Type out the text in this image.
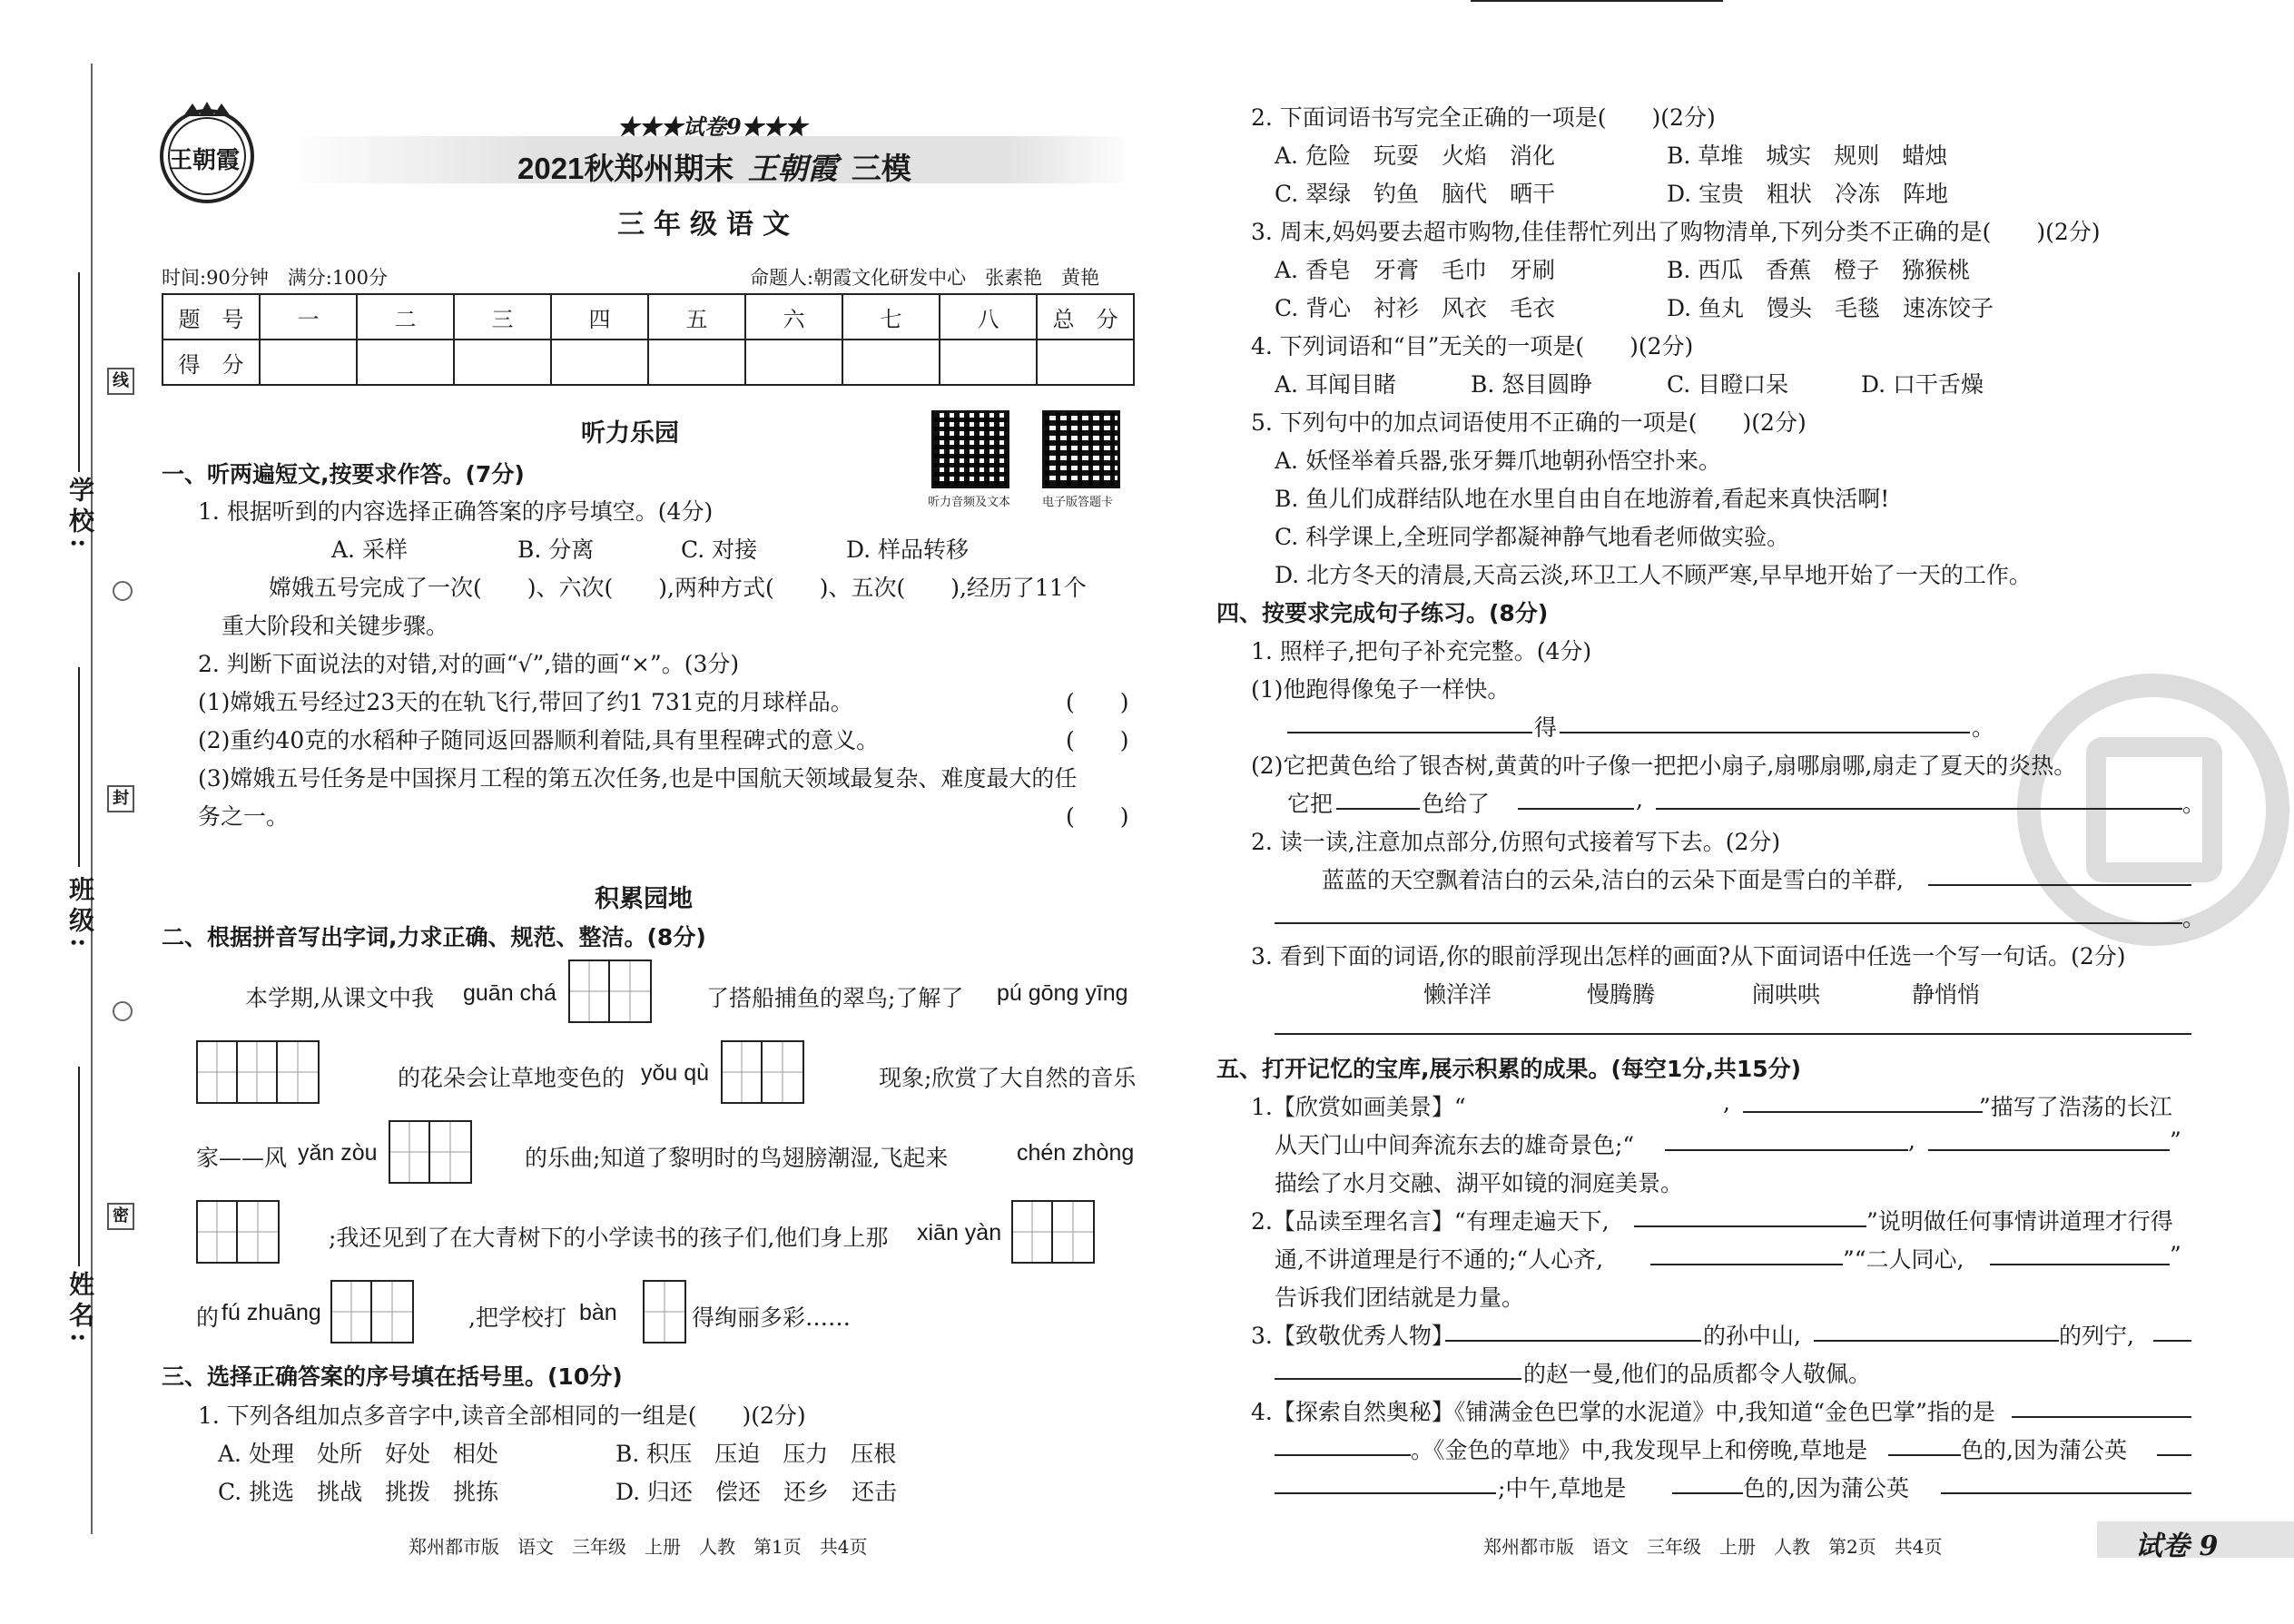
学校:
班级:
姓名:
线
封
密
王朝霞
★★★试卷9★★★
2021秋郑州期末 王朝霞 三模
三年级语文
时间:90分钟　满分:100分	命题人:朝霞文化研发中心　张素艳　黄艳
题　号	一	二	三	四	五	六	七	八	总　分
得　分									
听力乐园
听力音频及文本	电子版答题卡
一、听两遍短文,按要求作答。(7分)
1. 根据听到的内容选择正确答案的序号填空。(4分)
A. 采样	B. 分离	C. 对接	D. 样品转移
嫦娥五号完成了一次(　　)、六次(　　),两种方式(　　)、五次(　　),经历了11个
重大阶段和关键步骤。
2. 判断下面说法的对错,对的画“√”,错的画“×”。(3分)
(1)嫦娥五号经过23天的在轨飞行,带回了约1 731克的月球样品。	(　　)
(2)重约40克的水稻种子随同返回器顺利着陆,具有里程碑式的意义。	(　　)
(3)嫦娥五号任务是中国探月工程的第五次任务,也是中国航天领域最复杂、难度最大的任
务之一。	(　　)
积累园地
二、根据拼音写出字词,力求正确、规范、整洁。(8分)
本学期,从课文中我 guān chá	了搭船捕鱼的翠鸟;了解了 pú gōng yīng
的花朵会让草地变色的 yǒu qù	现象;欣赏了大自然的音乐
家——风 yǎn zòu	的乐曲;知道了黎明时的鸟翅膀潮湿,飞起来	chén zhòng
;我还见到了在大青树下的小学读书的孩子们,他们身上那 xiān yàn
的 fú zhuāng	,把学校打 bàn	得绚丽多彩……
三、选择正确答案的序号填在括号里。(10分)
1. 下列各组加点多音字中,读音全部相同的一组是(　　)(2分)
A. 处理　处所　好处　相处	B. 积压　压迫　压力　压根
C. 挑选　挑战　挑拨　挑拣	D. 归还　偿还　还乡　还击
郑州都市版　语文　三年级　上册　人教　第1页　共4页
2. 下面词语书写完全正确的一项是(　　)(2分)
A. 危险　玩耍　火焰　消化	B. 草堆　城实　规则　蜡烛
C. 翠绿　钓鱼　脑代　晒干	D. 宝贵　粗状　冷冻　阵地
3. 周末,妈妈要去超市购物,佳佳帮忙列出了购物清单,下列分类不正确的是(　　)(2分)
A. 香皂　牙膏　毛巾　牙刷	B. 西瓜　香蕉　橙子　猕猴桃
C. 背心　衬衫　风衣　毛衣	D. 鱼丸　馒头　毛毯　速冻饺子
4. 下列词语和“目”无关的一项是(　　)(2分)
A. 耳闻目睹	B. 怒目圆睁	C. 目瞪口呆	D. 口干舌燥
5. 下列句中的加点词语使用不正确的一项是(　　)(2分)
A. 妖怪举着兵器,张牙舞爪地朝孙悟空扑来。
B. 鱼儿们成群结队地在水里自由自在地游着,看起来真快活啊!
C. 科学课上,全班同学都凝神静气地看老师做实验。
D. 北方冬天的清晨,天高云淡,环卫工人不顾严寒,早早地开始了一天的工作。
四、按要求完成句子练习。(8分)
1. 照样子,把句子补充完整。(4分)
(1)他跑得像兔子一样快。
得	。
(2)它把黄色给了银杏树,黄黄的叶子像一把把小扇子,扇哪扇哪,扇走了夏天的炎热。
它把	色给了	,	。
2. 读一读,注意加点部分,仿照句式接着写下去。(2分)
蓝蓝的天空飘着洁白的云朵,洁白的云朵下面是雪白的羊群,
。
3. 看到下面的词语,你的眼前浮现出怎样的画面?从下面词语中任选一个写一句话。(2分)
懒洋洋	慢腾腾	闹哄哄	静悄悄
五、打开记忆的宝库,展示积累的成果。(每空1分,共15分)
1.【欣赏如画美景】“	,	”描写了浩荡的长江
从天门山中间奔流东去的雄奇景色;“	,	”
描绘了水月交融、湖平如镜的洞庭美景。
2.【品读至理名言】“有理走遍天下,	”说明做任何事情讲道理才行得
通,不讲道理是行不通的;“人心齐,	”“二人同心,	”
告诉我们团结就是力量。
3.【致敬优秀人物】	的孙中山,	的列宁,
的赵一曼,他们的品质都令人敬佩。
4.【探索自然奥秘】《铺满金色巴掌的水泥道》中,我知道“金色巴掌”指的是
。《金色的草地》中,我发现早上和傍晚,草地是	色的,因为蒲公英
;中午,草地是	色的,因为蒲公英
郑州都市版　语文　三年级　上册　人教　第2页　共4页	试卷 9
